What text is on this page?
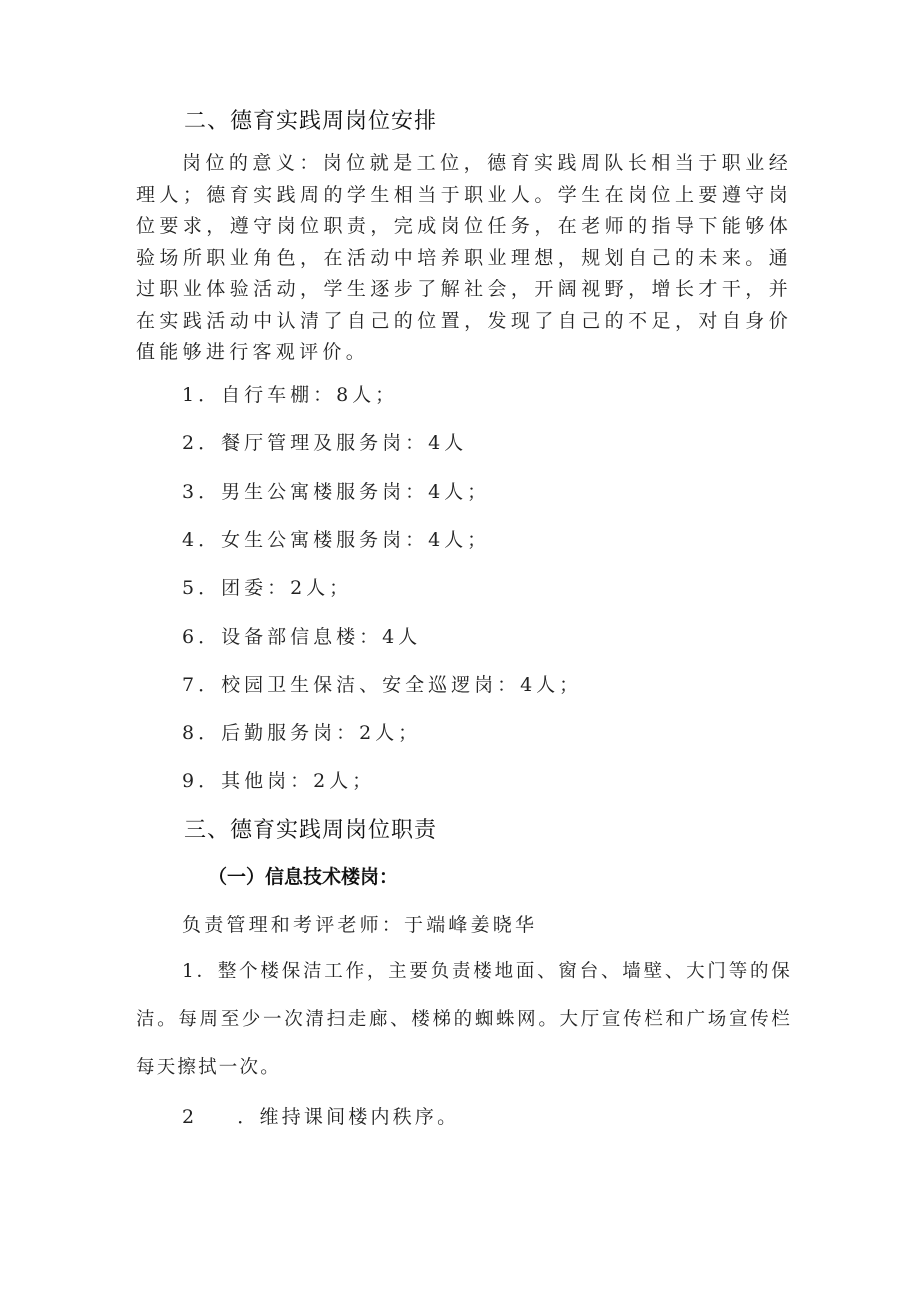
二、德育实践周岗位安排

岗位的意义：岗位就是工位，德育实践周队长相当于职业经理人；德育实践周的学生相当于职业人。学生在岗位上要遵守岗位要求，遵守岗位职责，完成岗位任务，在老师的指导下能够体验场所职业角色，在活动中培养职业理想，规划自己的未来。通过职业体验活动，学生逐步了解社会，开阔视野，增长才干，并在实践活动中认清了自己的位置，发现了自己的不足，对自身价值能够进行客观评价。

1．自行车棚：8人；
2．餐厅管理及服务岗：4人
3．男生公寓楼服务岗：4人；
4．女生公寓楼服务岗：4人；
5．团委：2人；
6．设备部信息楼：4人
7．校园卫生保洁、安全巡逻岗：4人；
8．后勤服务岗：2人；
9．其他岗：2人；
三、德育实践周岗位职责
（一）信息技术楼岗：
负责管理和考评老师：于端峰姜晓华

1．整个楼保洁工作，主要负责楼地面、窗台、墙壁、大门等的保洁。每周至少一次清扫走廊、楼梯的蜘蛛网。大厅宣传栏和广场宣传栏每天擦拭一次。

2 ．维持课间楼内秩序。
